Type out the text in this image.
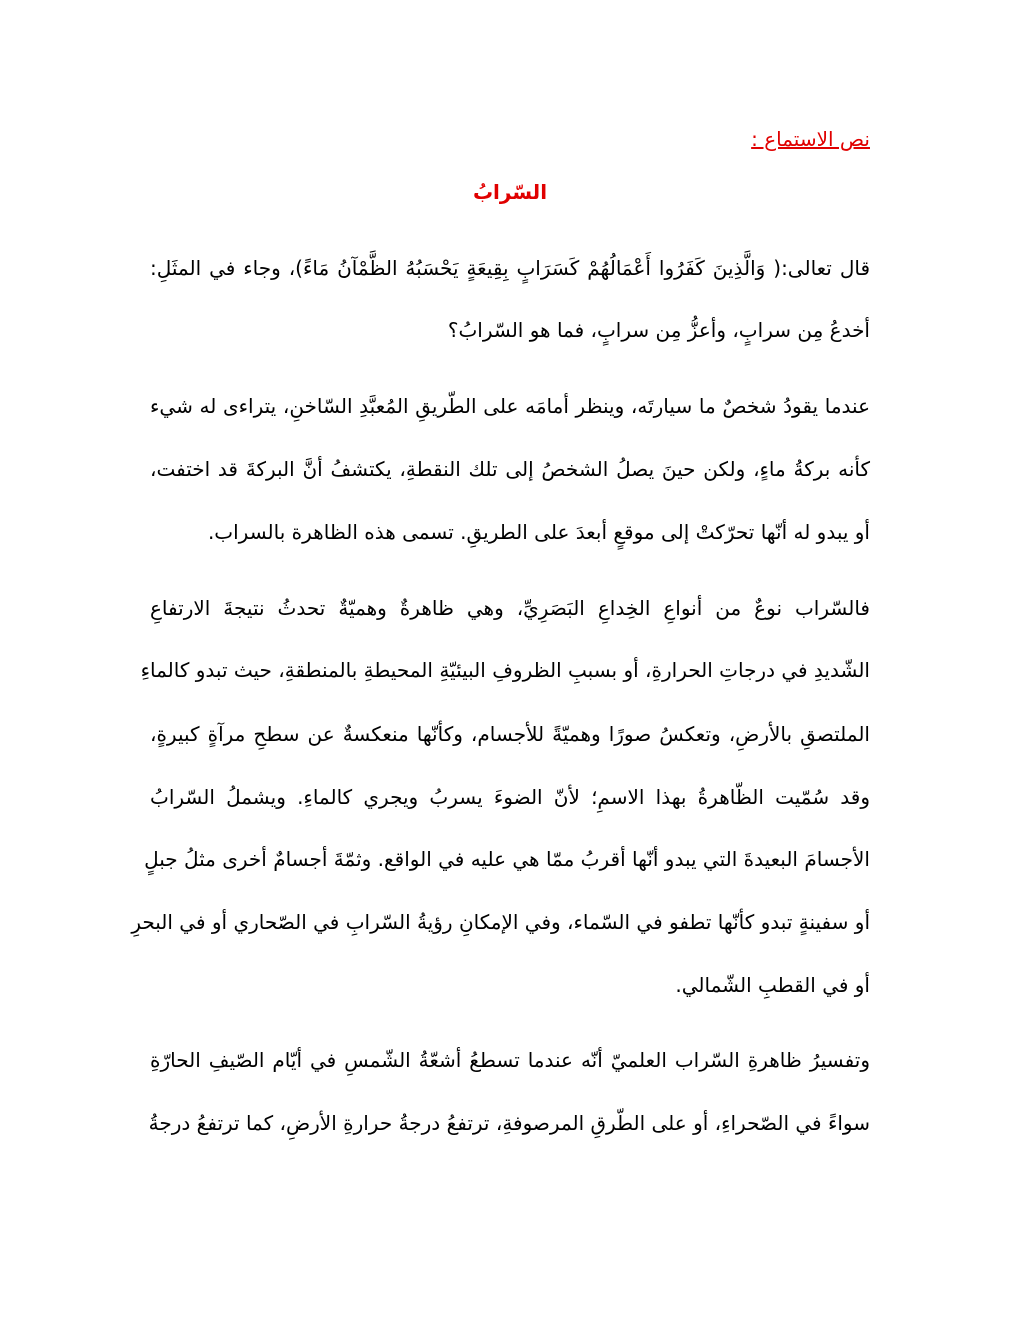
نص الاستماع :
السّرابُ
قال تعالى:( وَالَّذِينَ كَفَرُوا أَعْمَالُهُمْ كَسَرَابٍ بِقِيعَةٍ يَحْسَبُهُ الظَّمْآنُ مَاءً)، وجاء في المثَلِ:
أخدعُ مِن سرابٍ، وأعزُّ مِن سرابٍ، فما هو السّرابُ؟
عندما يقودُ شخصٌ ما سيارتَه، وينظر أمامَه على الطّريقِ المُعبَّدِ السّاخنِ، يتراءى له شيء
كأنه بركةُ ماءٍ، ولكن حينَ يصلُ الشخصُ إلى تلك النقطةِ، يكتشفُ أنَّ البركةَ قد اختفت،
أو يبدو له أنّها تحرّكتْ إلى موقعٍ أبعدَ على الطريقِ. تسمى هذه الظاهرة بالسراب.
فالسّراب نوعٌ من أنواعِ الخِداعِ البَصَرِيِّ، وهي ظاهرةٌ وهميّةٌ تحدثُ نتيجةَ الارتفاعِ
الشّديدِ في درجاتِ الحرارةِ، أو بسببِ الظروفِ البيئيّةِ المحيطةِ بالمنطقةِ، حيث تبدو كالماءِ
الملتصقِ بالأرضِ، وتعكسُ صورًا وهميّةً للأجسام، وكأنّها منعكسةٌ عن سطحِ مرآةٍ كبيرةٍ،
وقد سُمّيت الظّاهرةُ بهذا الاسمِ؛ لأنّ الضوءَ يسربُ ويجري كالماءِ. ويشملُ السّرابُ
الأجسامَ البعيدةَ التي يبدو أنّها أقربُ ممّا هي عليه في الواقع. وثمّةَ أجسامٌ أخرى مثلُ جبلٍ
أو سفينةٍ تبدو كأنّها تطفو في السّماء، وفي الإمكانِ رؤيةُ السّرابِ في الصّحاري أو في البحرِ
أو في القطبِ الشّمالي.
وتفسيرُ ظاهرةِ السّراب العلميّ أنّه عندما تسطعُ أشعّةُ الشّمسِ في أيّام الصّيفِ الحارّةِ
سواءً في الصّحراءِ، أو على الطّرقِ المرصوفةِ، ترتفعُ درجةُ حرارةِ الأرضِ، كما ترتفعُ درجةُ
